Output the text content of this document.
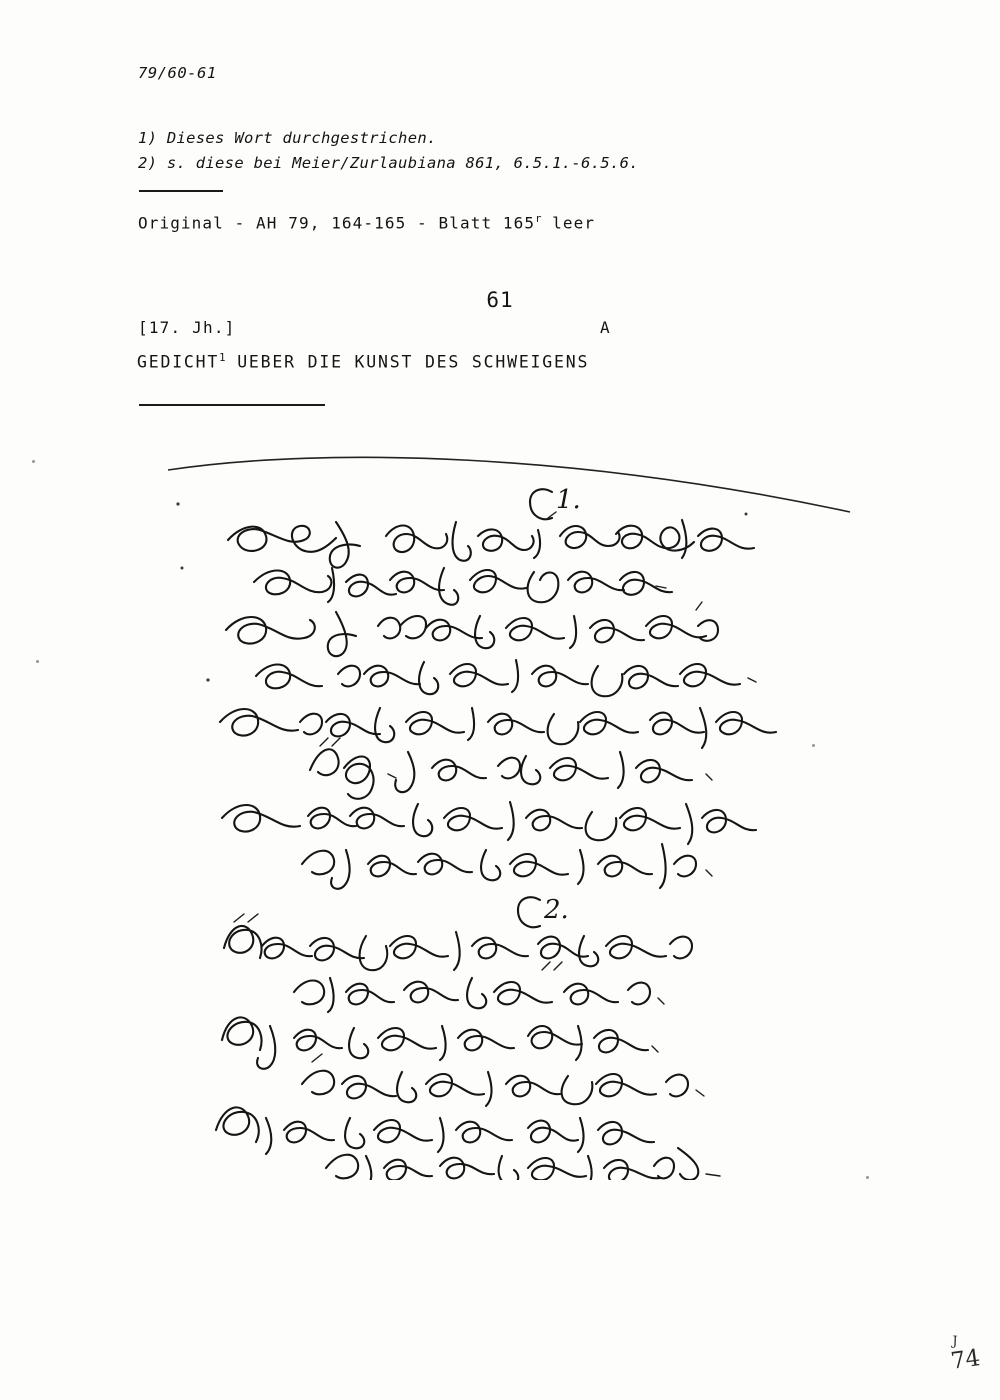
79/60-61
1) Dieses Wort durchgestrichen.
2) s. diese bei Meier/Zurlaubiana 861, 6.5.1.-6.5.6.
Original - AH 79, 164-165 - Blatt 165$^r$ leer
61
[17. Jh.]	A
GEDICHT$^1$ UEBER DIE KUNST DES SCHWEIGENS
1.
2.
J
74
